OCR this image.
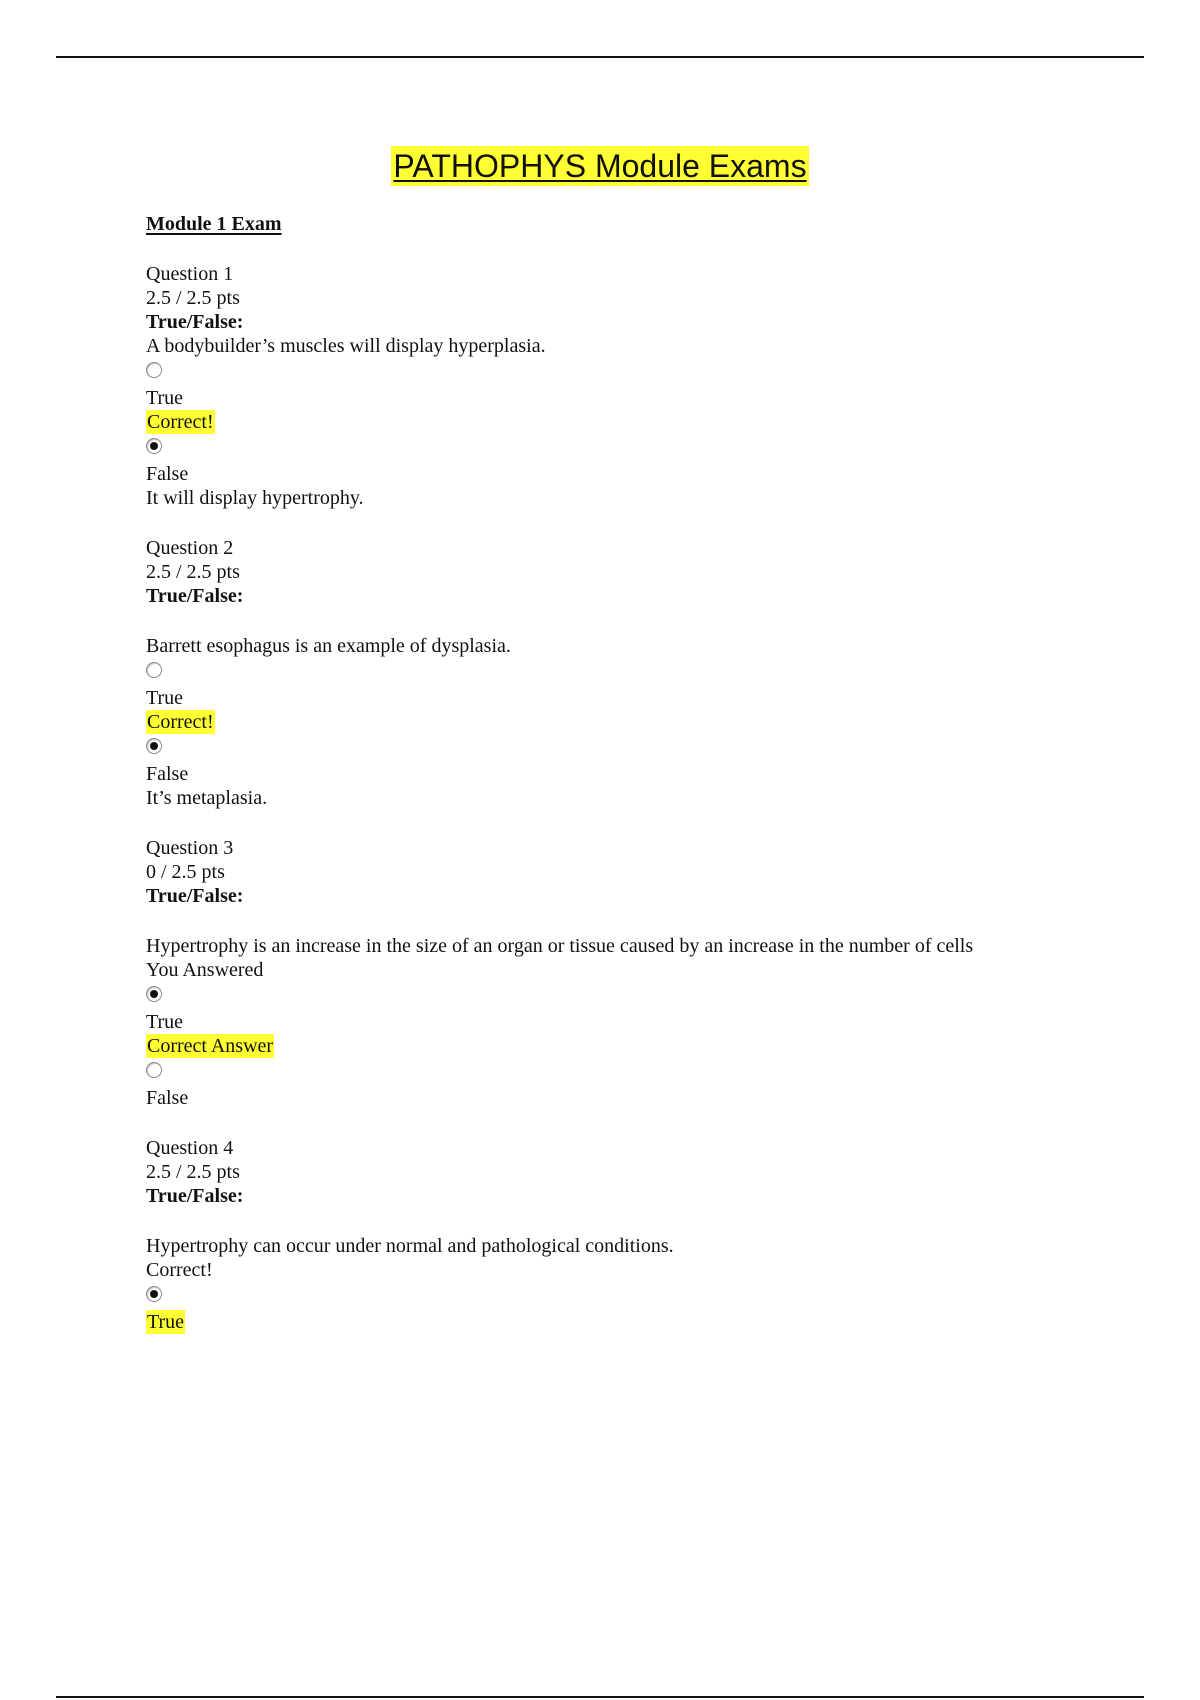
PATHOPHYS Module Exams
Module 1 Exam
Question 1
2.5 / 2.5 pts
True/False:
A bodybuilder’s muscles will display hyperplasia.
True
Correct!
False
It will display hypertrophy.
Question 2
2.5 / 2.5 pts
True/False:
Barrett esophagus is an example of dysplasia.
True
Correct!
False
It’s metaplasia.
Question 3
0 / 2.5 pts
True/False:
Hypertrophy is an increase in the size of an organ or tissue caused by an increase in the number of cells
You Answered
True
Correct Answer
False
Question 4
2.5 / 2.5 pts
True/False:
Hypertrophy can occur under normal and pathological conditions.
Correct!
True
